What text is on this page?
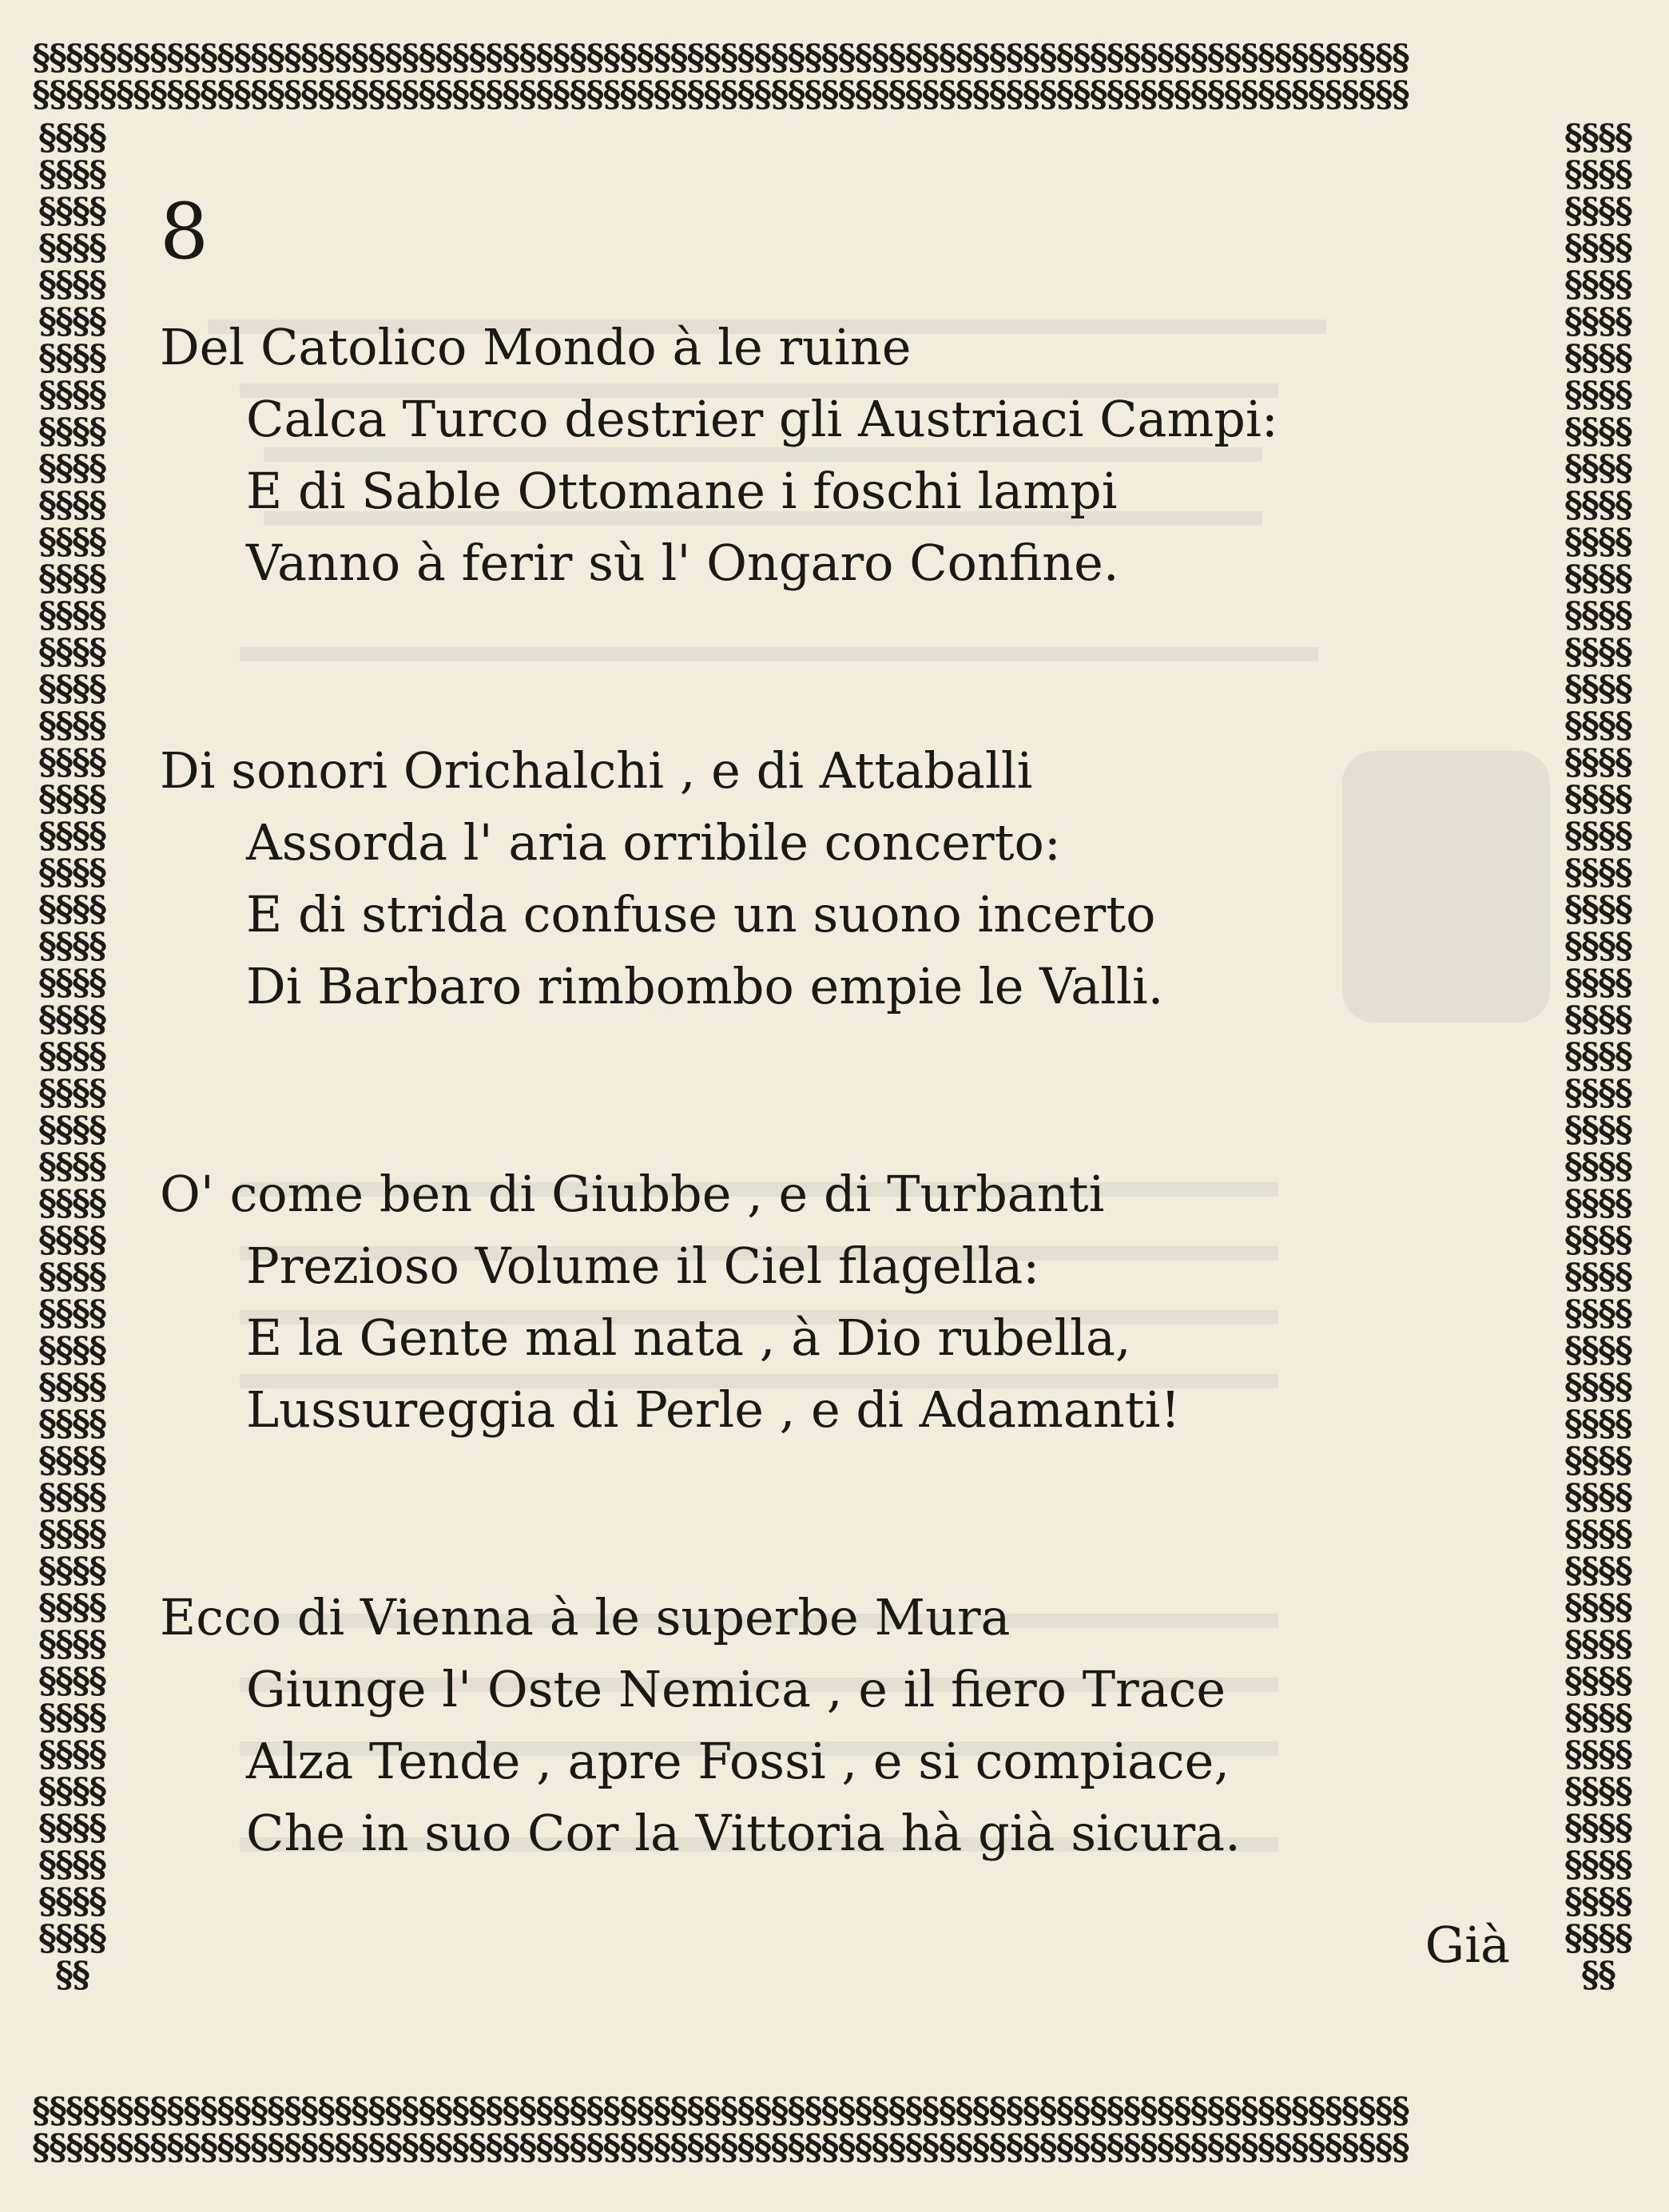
§§§§§§§§§§§§§§§§§§§§§§§§§§§§§§§§§§§§§§§§§§§§§§§§§§§§§§§§§§§§§§§§§§§§§§§§§§§§§§§§§§
§§§§§§§§§§§§§§§§§§§§§§§§§§§§§§§§§§§§§§§§§§§§§§§§§§§§§§§§§§§§§§§§§§§§§§§§§§§§§§§§§§
§§§§§§§§§§§§§§§§§§§§§§§§§§§§§§§§§§§§§§§§§§§§§§§§§§§§§§§§§§§§§§§§§§§§§§§§§§§§§§§§§§
§§§§§§§§§§§§§§§§§§§§§§§§§§§§§§§§§§§§§§§§§§§§§§§§§§§§§§§§§§§§§§§§§§§§§§§§§§§§§§§§§§
§§§§§§§§§§§§§§§§§§§§§§§§§§§§§§§§§§§§§§§§§§§§§§§§§§§§§§§§§§§§§§§§§§§§§§§§§§§§§§§§§§§§§§§§§§§§§§§§§§§§§§§§§§§§§§§§§§§§§§§§§§§§§§§§§§§§§§§§§§§§§§§§§§§§§§§§§§§§§§§§§§§§§§§§§§§§§§§§§§§§§§§§§§§§§§§§§§§§§§§§§§
§§§§§§§§§§§§§§§§§§§§§§§§§§§§§§§§§§§§§§§§§§§§§§§§§§§§§§§§§§§§§§§§§§§§§§§§§§§§§§§§§§§§§§§§§§§§§§§§§§§§§§§§§§§§§§§§§§§§§§§§§§§§§§§§§§§§§§§§§§§§§§§§§§§§§§§§§§§§§§§§§§§§§§§§§§§§§§§§§§§§§§§§§§§§§§§§§§§§§§§§§§
8
Del Catolico Mondo à le ruine
Calca Turco destrier gli Austriaci Campi:
E di Sable Ottomane i foschi lampi
Vanno à ferir sù l' Ongaro Confine.
Di sonori Orichalchi , e di Attaballi
Assorda l' aria orribile concerto:
E di strida confuse un suono incerto
Di Barbaro rimbombo empie le Valli.
O' come ben di Giubbe , e di Turbanti
Prezioso Volume il Ciel flagella:
E la Gente mal nata , à Dio rubella,
Lussureggia di Perle , e di Adamanti!
Ecco di Vienna à le superbe Mura
Giunge l' Oste Nemica , e il fiero Trace
Alza Tende , apre Fossi , e si compiace,
Che in suo Cor la Vittoria hà già sicura.
Già
